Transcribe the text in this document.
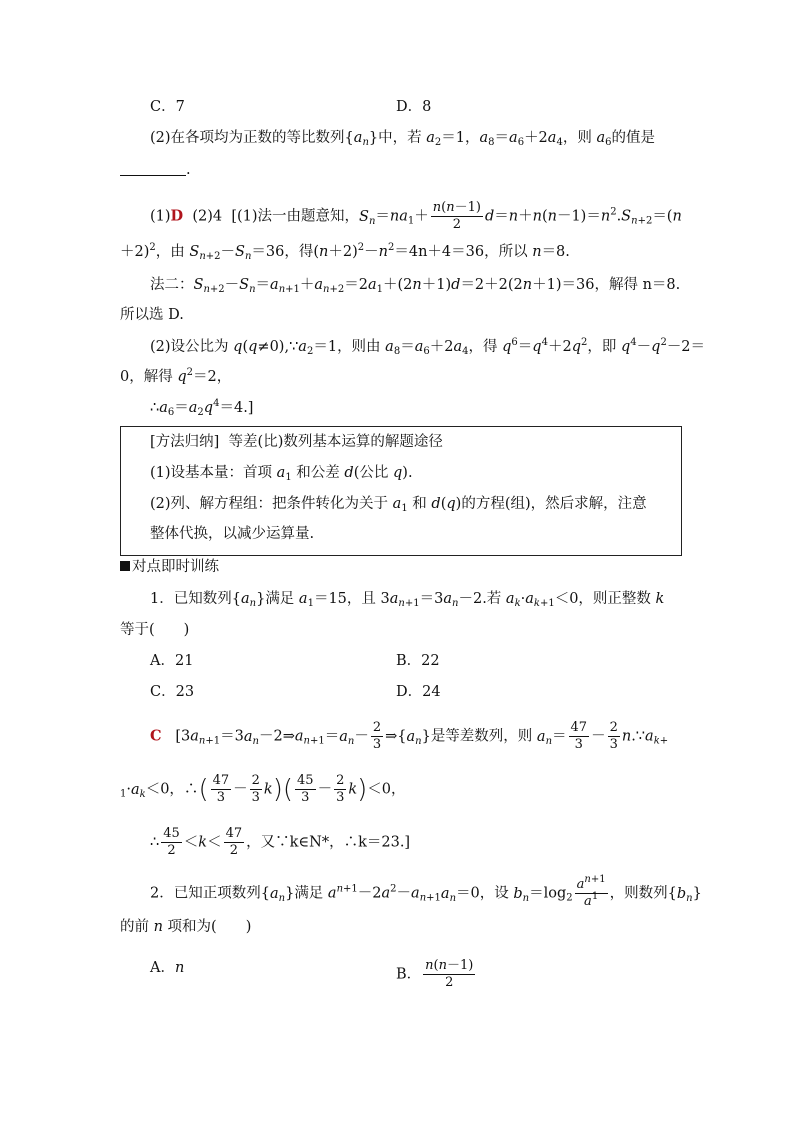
C．7	D．8
(2)在各项均为正数的等比数列$\{a_n\}$中，若 $a_2=1$，$a_8=a_6+2a_4$，则 $a_6$的值是
.
(1)D (2)4 [(1)法一由题意知，$S_n=na_1+ \frac{n(n-1)}{2} d=n+n(n-1)=n^2.S_{n+2}=(n$
＋2)$^2$，由 $S_{n+2}-S_n=36$，得$(n+2)^2-n^2=4n+4=36$，所以 n＝8.
法二：$S_{n+2}-S_n=a_{n+1}+a_{n+2}=2a_1+(2n+1)d=2+2(2n+1)=36$，解得 n＝8.
所以选 D.
(2)设公比为 $q(q\ne 0),\because a_2=1$，则由 $a_8=a_6+2a_4$，得 $q^6=q^4+2q^2$，即 $q^4-q^2-2=$
0，解得 $q^2=2$，
$\therefore a_6=a_2q^4=4$.]
[方法归纳] 等差(比)数列基本运算的解题途径
(1)设基本量：首项 $a_1$ 和公差 d(公比 q).
(2)列、解方程组：把条件转化为关于 $a_1$ 和 d(q)的方程(组)，然后求解，注意
整体代换，以减少运算量.
对点即时训练
1．已知数列$\{a_n\}$满足 $a_1=15$，且 $3a_{n+1}=3a_n-2$.若 $a_k\cdot a_{k+1}<0$，则正整数 k
等于(　　)
A．21	B．22
C．23	D．24
C   [$3a_{n+1}=3a_n-2\Rightarrow a_{n+1}=a_n- \frac{2}{3}$ $\Rightarrow\{a_n\}$是等差数列，则 $a_n= \frac{47}{3} - \frac{2}{3}$ $n.\because a_{k+}$
$_1\cdot a_k<0$，∴( $\frac{47}{3} - \frac{2}{3} k)( \frac{45}{3} - \frac{2}{3} k)<0$，
∴ $\frac{45}{2} <k< \frac{47}{2}$ ，又∵k∈N*，∴k＝23.]
2．已知正项数列$\{a_n\}$满足 $a^{n+1}-2a^2-a_{n+1}a_n=0$，设 $b_n=\log_2 \frac{a^{n+1}}{a^1}$ ，则数列$\{b_n\}$
的前 n 项和为(　　)
A．n	B． $\frac{n(n-1)}{2}$
